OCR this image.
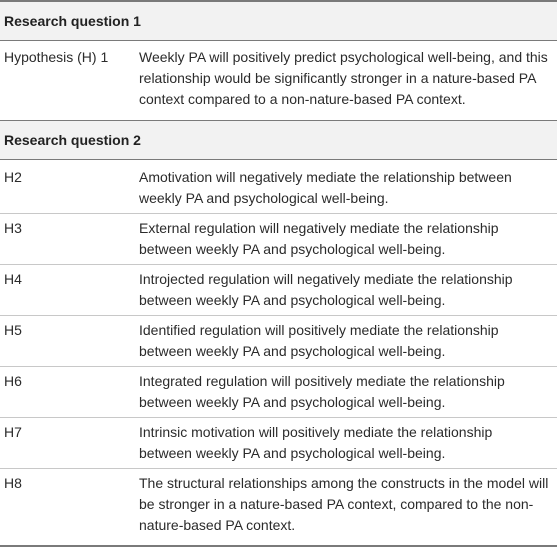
Research question 1
Hypothesis (H) 1	Weekly PA will positively predict psychological well-being, and this relationship would be significantly stronger in a nature-based PA context compared to a non-nature-based PA context.
Research question 2
H2	Amotivation will negatively mediate the relationship between weekly PA and psychological well-being.
H3	External regulation will negatively mediate the relationship between weekly PA and psychological well-being.
H4	Introjected regulation will negatively mediate the relationship between weekly PA and psychological well-being.
H5	Identified regulation will positively mediate the relationship between weekly PA and psychological well-being.
H6	Integrated regulation will positively mediate the relationship between weekly PA and psychological well-being.
H7	Intrinsic motivation will positively mediate the relationship between weekly PA and psychological well-being.
H8	The structural relationships among the constructs in the model will be stronger in a nature-based PA context, compared to the non-nature-based PA context.
